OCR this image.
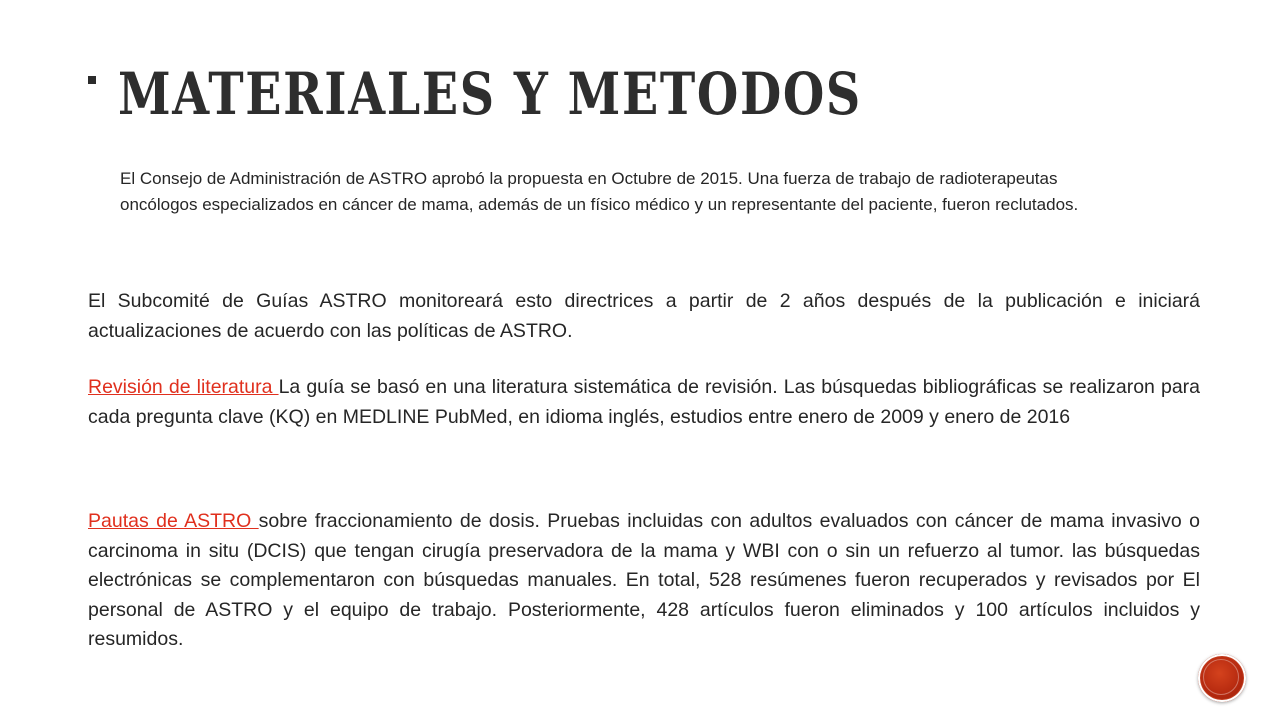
MATERIALES Y METODOS

El Consejo de Administración de ASTRO aprobó la propuesta en Octubre de 2015. Una fuerza de trabajo de radioterapeutas oncólogos especializados en cáncer de mama, además de un físico médico y un representante del paciente, fueron reclutados.

El Subcomité de Guías ASTRO monitoreará esto directrices a partir de 2 años después de la publicación e iniciará actualizaciones de acuerdo con las políticas de ASTRO.

Revisión de literatura La guía se basó en una literatura sistemática de revisión. Las búsquedas bibliográficas se realizaron para cada pregunta clave (KQ) en MEDLINE PubMed, en idioma inglés, estudios entre enero de 2009 y enero de 2016

Pautas de ASTRO sobre fraccionamiento de dosis. Pruebas incluidas con adultos evaluados con cáncer de mama invasivo o carcinoma in situ (DCIS) que tengan cirugía preservadora de la mama y WBI con o sin un refuerzo al tumor. las búsquedas electrónicas se complementaron con búsquedas manuales. En total, 528 resúmenes fueron recuperados y revisados por El personal de ASTRO y el equipo de trabajo. Posteriormente, 428 artículos fueron eliminados y 100 artículos incluidos y resumidos.
